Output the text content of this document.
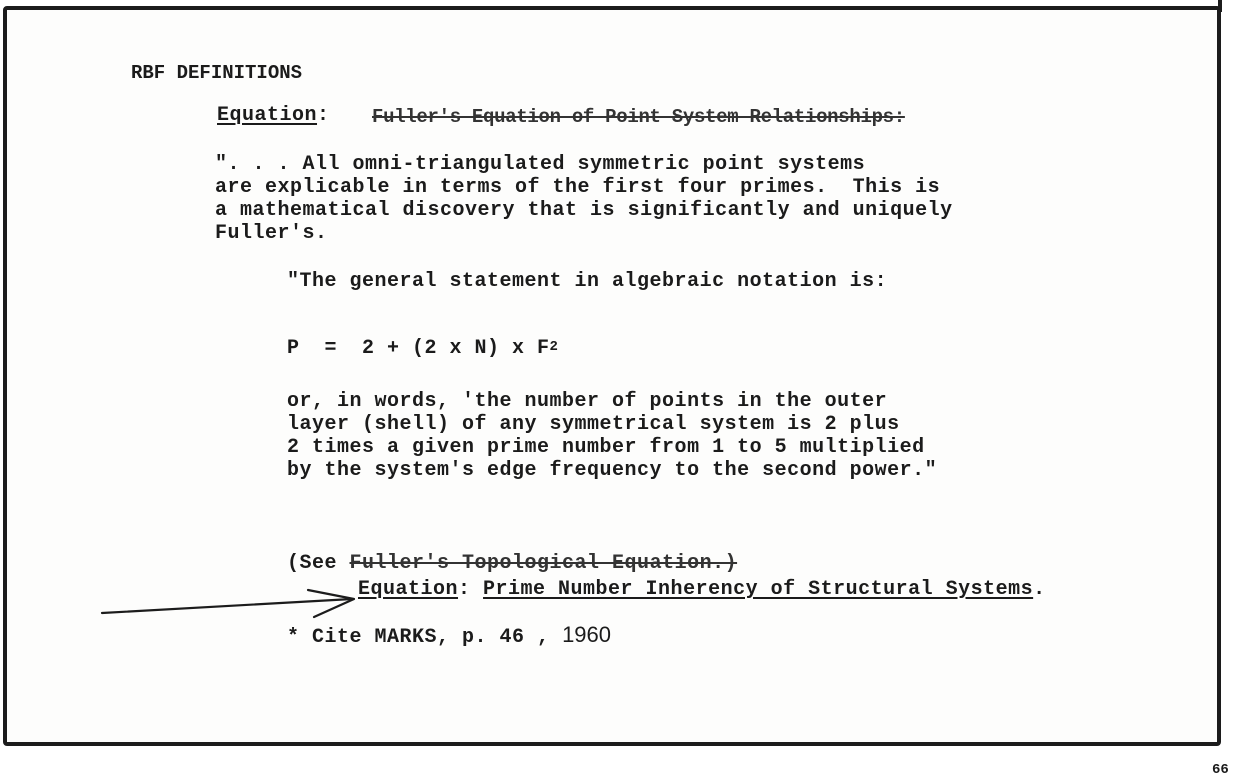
RBF DEFINITIONS
Equation: Fuller's Equation of Point System Relationships:
". . . All omni-triangulated symmetric point systems
are explicable in terms of the first four primes.  This is
a mathematical discovery that is significantly and uniquely
Fuller's.
"The general statement in algebraic notation is:
P  =  2 + (2 x N) x $F^2$
or, in words, 'the number of points in the outer
layer (shell) of any symmetrical system is 2 plus
2 times a given prime number from 1 to 5 multiplied
by the system's edge frequency to the second power."
(See Fuller's Topological Equation.)
Equation: Prime Number Inherency of Structural Systems.
* Cite MARKS, p. 46 , 1960
66
